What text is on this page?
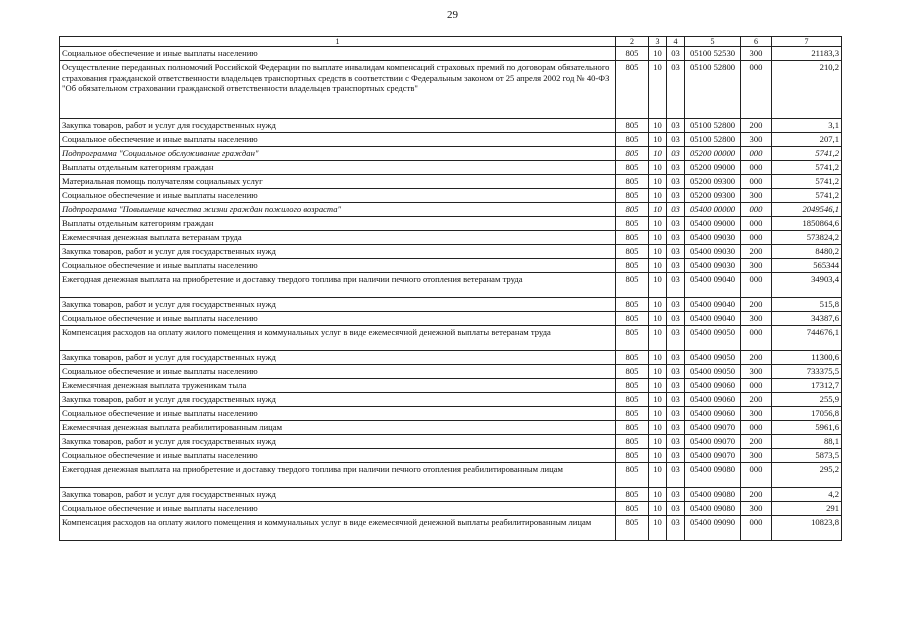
29
1	2	3	4	5	6	7
Социальное обеспечение и иные выплаты населению	805	10	03	05100 52530	300	21183,3
Осуществление переданных полномочий Российской Федерации по выплате инвалидам компенсаций страховых премий по договорам обязательного страхования гражданской ответственности владельцев транспортных средств в соответствии с Федеральным законом от 25 апреля 2002 год № 40-ФЗ "Об обязательном страховании гражданской ответственности владельцев транспортных средств"	805	10	03	05100 52800	000	210,2
Закупка товаров, работ и услуг для государственных нужд	805	10	03	05100 52800	200	3,1
Социальное обеспечение и иные выплаты населению	805	10	03	05100 52800	300	207,1
Подпрограмма "Социальное обслуживание граждан"	805	10	03	05200 00000	000	5741,2
Выплаты отдельным категориям граждан	805	10	03	05200 09000	000	5741,2
Материальная помощь получателям социальных услуг	805	10	03	05200 09300	000	5741,2
Социальное обеспечение и иные выплаты населению	805	10	03	05200 09300	300	5741,2
Подпрограмма "Повышение качества жизни граждан пожилого возраста"	805	10	03	05400 00000	000	2049546,1
Выплаты отдельным категориям граждан	805	10	03	05400 09000	000	1850864,6
Ежемесячная денежная выплата ветеранам труда	805	10	03	05400 09030	000	573824,2
Закупка товаров, работ и услуг для государственных нужд	805	10	03	05400 09030	200	8480,2
Социальное обеспечение и иные выплаты населению	805	10	03	05400 09030	300	565344
Ежегодная денежная выплата на приобретение и доставку твердого топлива при наличии печного отопления ветеранам труда	805	10	03	05400 09040	000	34903,4
Закупка товаров, работ и услуг для государственных нужд	805	10	03	05400 09040	200	515,8
Социальное обеспечение и иные выплаты населению	805	10	03	05400 09040	300	34387,6
Компенсация расходов на оплату жилого помещения и коммунальных услуг в виде ежемесячной денежной выплаты ветеранам труда	805	10	03	05400 09050	000	744676,1
Закупка товаров, работ и услуг для государственных нужд	805	10	03	05400 09050	200	11300,6
Социальное обеспечение и иные выплаты населению	805	10	03	05400 09050	300	733375,5
Ежемесячная денежная выплата труженикам тыла	805	10	03	05400 09060	000	17312,7
Закупка товаров, работ и услуг для государственных нужд	805	10	03	05400 09060	200	255,9
Социальное обеспечение и иные выплаты населению	805	10	03	05400 09060	300	17056,8
Ежемесячная денежная выплата реабилитированным лицам	805	10	03	05400 09070	000	5961,6
Закупка товаров, работ и услуг для государственных нужд	805	10	03	05400 09070	200	88,1
Социальное обеспечение и иные выплаты населению	805	10	03	05400 09070	300	5873,5
Ежегодная денежная выплата на приобретение и доставку твердого топлива при наличии печного отопления реабилитированным лицам	805	10	03	05400 09080	000	295,2
Закупка товаров, работ и услуг для государственных нужд	805	10	03	05400 09080	200	4,2
Социальное обеспечение и иные выплаты населению	805	10	03	05400 09080	300	291
Компенсация расходов на оплату жилого помещения и коммунальных услуг в виде ежемесячной денежной выплаты реабилитированным лицам	805	10	03	05400 09090	000	10823,8
